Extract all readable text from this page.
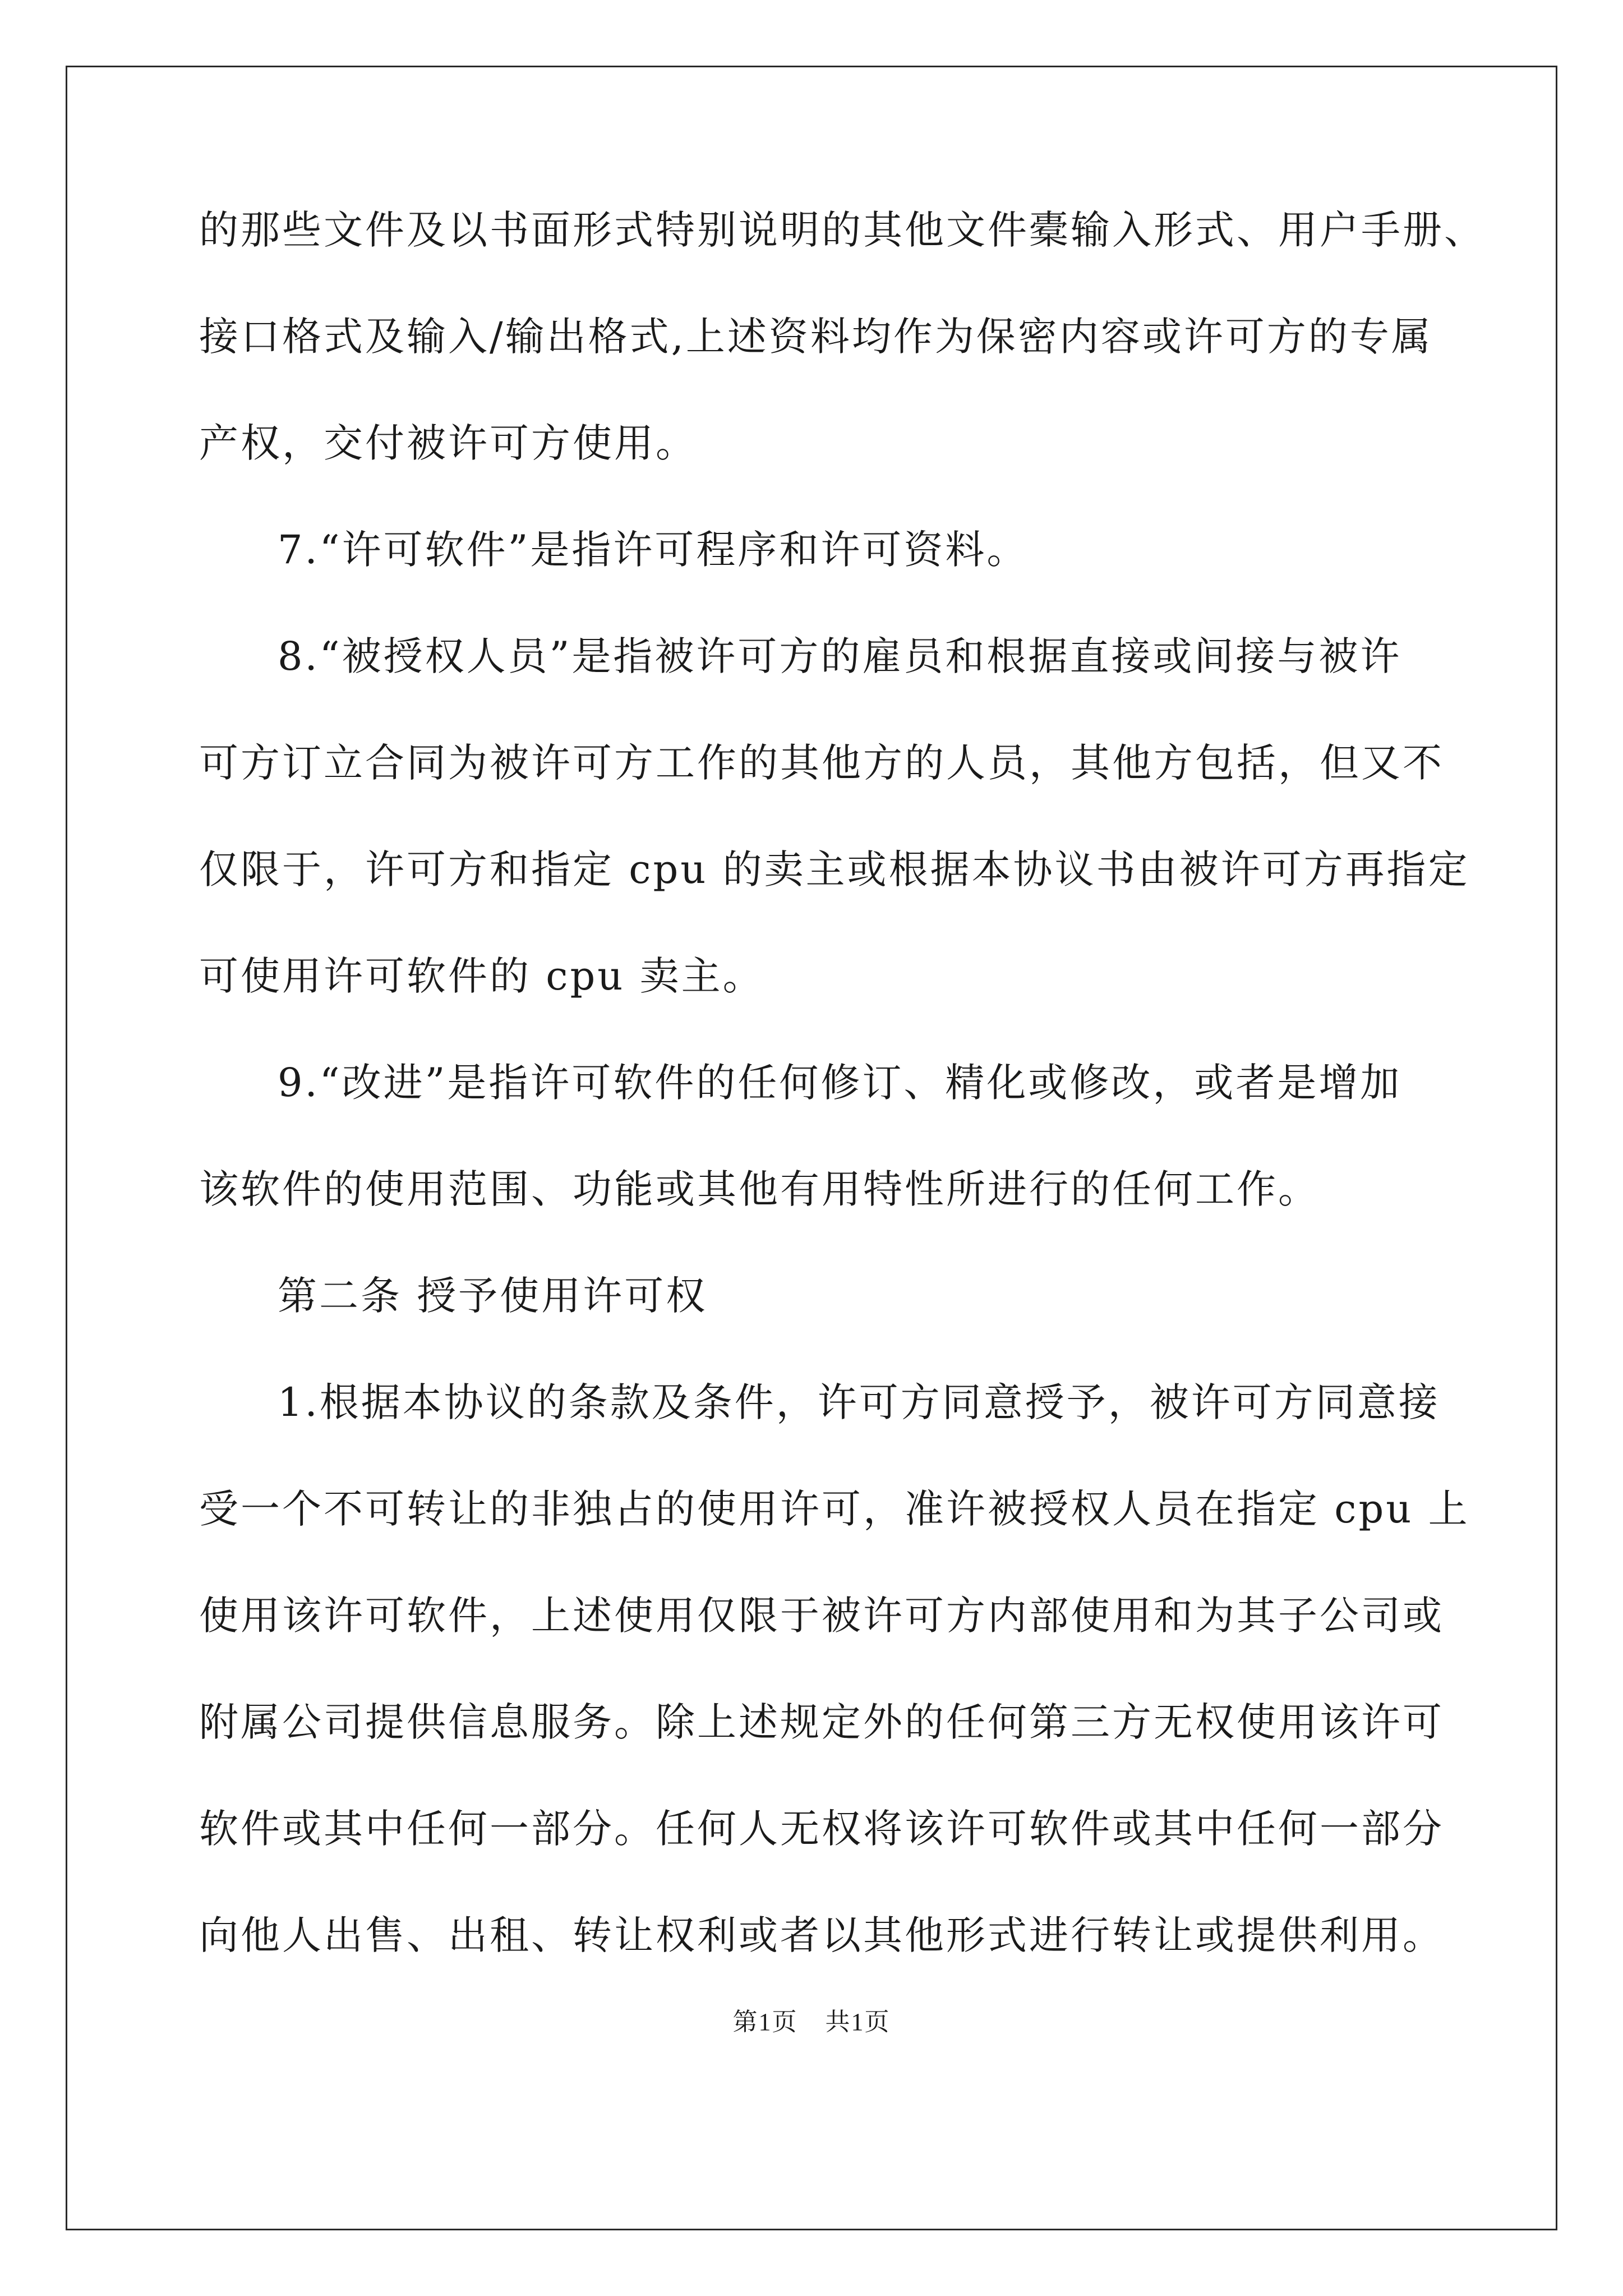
的那些文件及以书面形式特别说明的其他文件橐输入形式、用户手册、
接口格式及输入/输出格式,上述资料均作为保密内容或许可方的专属
产权，交付被许可方使用。
7.“许可软件”是指许可程序和许可资料。
8.“被授权人员”是指被许可方的雇员和根据直接或间接与被许
可方订立合同为被许可方工作的其他方的人员，其他方包括，但又不
仅限于，许可方和指定 cpu 的卖主或根据本协议书由被许可方再指定
可使用许可软件的 cpu 卖主。
9.“改进”是指许可软件的任何修订、精化或修改，或者是增加
该软件的使用范围、功能或其他有用特性所进行的任何工作。
第二条 授予使用许可权
1.根据本协议的条款及条件，许可方同意授予，被许可方同意接
受一个不可转让的非独占的使用许可，准许被授权人员在指定 cpu 上
使用该许可软件，上述使用仅限于被许可方内部使用和为其子公司或
附属公司提供信息服务。除上述规定外的任何第三方无权使用该许可
软件或其中任何一部分。任何人无权将该许可软件或其中任何一部分
向他人出售、出租、转让权利或者以其他形式进行转让或提供利用。
第1页 共1页
